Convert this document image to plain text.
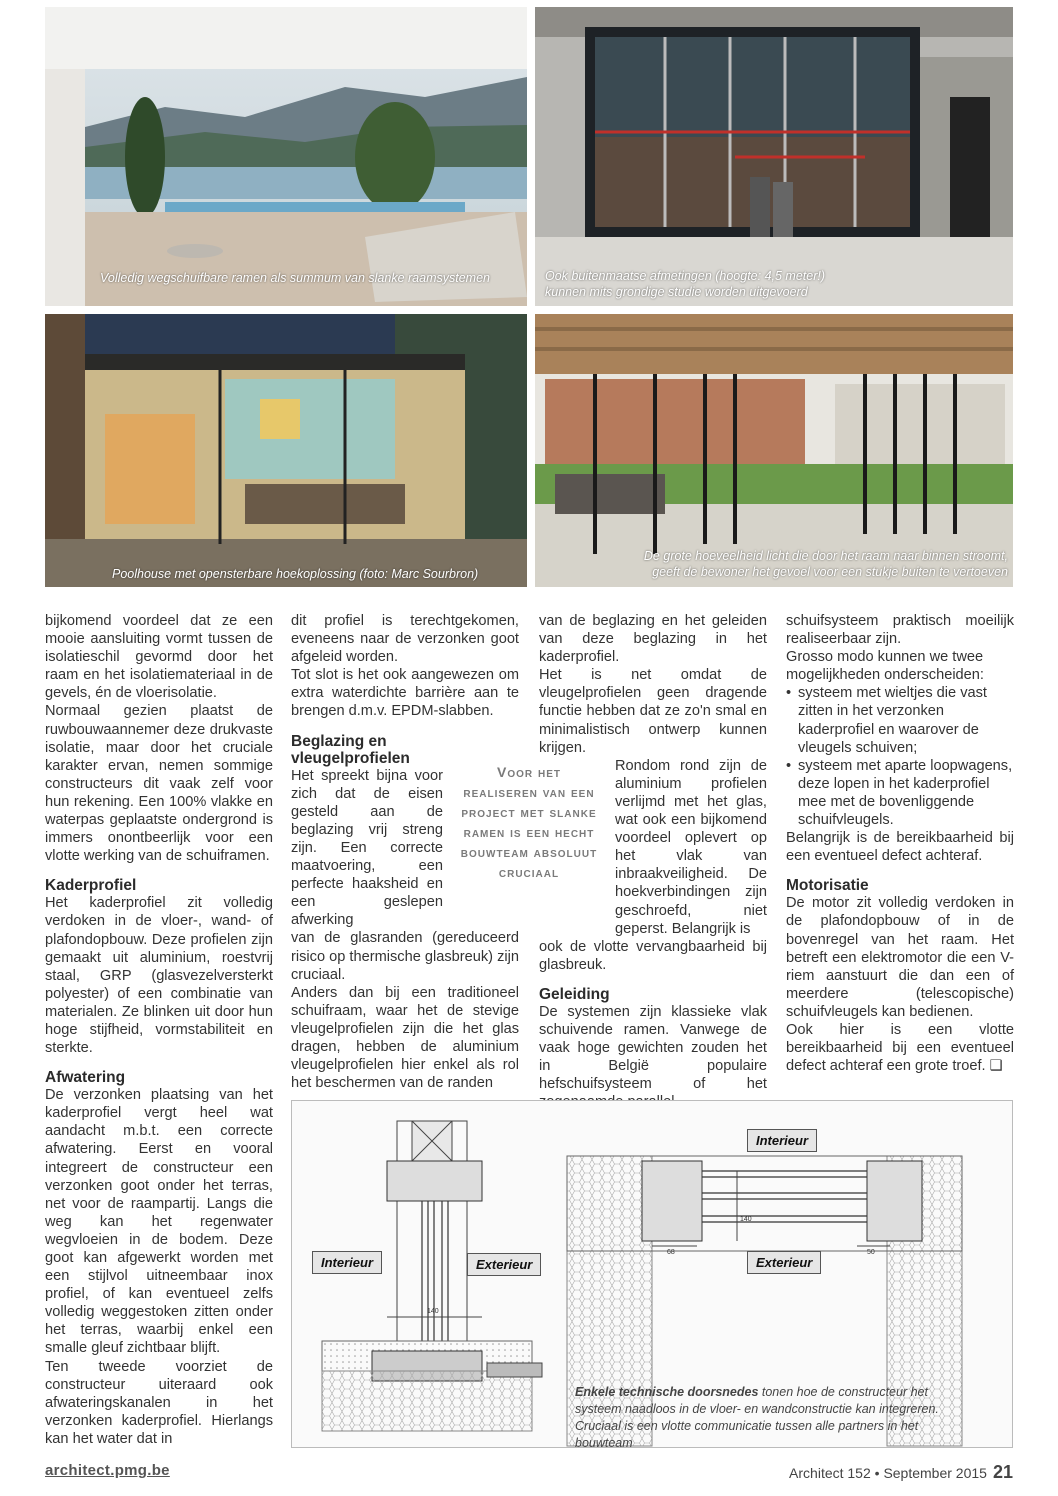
Volledig wegschuifbare ramen als summum van slanke raamsystemen	Ook buitenmaatse afmetingen (hoogte: 4,5 meter!)
kunnen mits grondige studie worden uitgevoerd
Poolhouse met opensterbare hoekoplossing (foto: Marc Sourbron)
De grote hoeveelheid licht die door het raam naar binnen stroomt,
geeft de bewoner het gevoel voor een stukje buiten te vertoeven

bijkomend voordeel dat ze een mooie aansluiting vormt tussen de isolatieschil gevormd door het raam en het isolatiemateriaal in de gevels, én de vloerisolatie.

Normaal gezien plaatst de ruwbouwaannemer deze drukvaste isolatie, maar door het cruciale karakter ervan, nemen sommige constructeurs dit vaak zelf voor hun rekening. Een 100% vlakke en waterpas geplaatste ondergrond is immers onontbeerlijk voor een vlotte werking van de schuiframen.

Kaderprofiel

Het kaderprofiel zit volledig verdoken in de vloer-, wand- of plafondopbouw. Deze profielen zijn gemaakt uit aluminium, roestvrij staal, GRP (glasvezelversterkt polyester) of een combinatie van materialen. Ze blinken uit door hun hoge stijfheid, vormstabiliteit en sterkte.

Afwatering

De verzonken plaatsing van het kaderprofiel vergt heel wat aandacht m.b.t. een correcte afwatering. Eerst en vooral integreert de constructeur een verzonken goot onder het terras, net voor de raampartij. Langs die weg kan het regenwater wegvloeien in de bodem. Deze goot kan afgewerkt worden met een stijlvol uitneembaar inox profiel, of kan eventueel zelfs volledig weggestoken zitten onder het terras, waarbij enkel een smalle gleuf zichtbaar blijft.

Ten tweede voorziet de constructeur uiteraard ook afwateringskanalen in het verzonken kaderprofiel. Hierlangs kan het water dat in

dit profiel is terechtgekomen, eveneens naar de verzonken goot afgeleid worden.

Tot slot is het ook aangewezen om extra waterdichte barrière aan te brengen d.m.v. EPDM-slabben.

Beglazing en vleugelprofielen

Het spreekt bijna voor zich dat de eisen gesteld aan de beglazing vrij streng zijn. Een correcte maatvoering, een perfecte haaksheid en een geslepen afwerking

van de glasranden (gereduceerd risico op thermische glasbreuk) zijn cruciaal.

Anders dan bij een traditioneel schuifraam, waar het de stevige vleugelprofielen zijn die het glas dragen, hebben de aluminium vleugelprofielen hier enkel als rol het beschermen van de randen

Voor het realiseren van een project met slanke ramen is een hecht bouwteam absoluut cruciaal

van de beglazing en het geleiden van deze beglazing in het kaderprofiel.

Het is net omdat de vleugelprofielen geen dragende functie hebben dat ze zo'n smal en minimalistisch ontwerp kunnen krijgen.

Rondom rond zijn de aluminium profielen verlijmd met het glas, wat ook een bijkomend voordeel oplevert op het vlak van inbraakveiligheid. De hoekverbindingen zijn geschroefd, niet geperst. Belangrijk is

ook de vlotte vervangbaarheid bij glasbreuk.

Geleiding

De systemen zijn klassieke vlak schuivende ramen. Vanwege de vaak hoge gewichten zouden het in België populaire hefschuifsysteem of het

schuifsysteem praktisch moeilijk realiseerbaar zijn.

Grosso modo kunnen we twee mogelijkheden onderscheiden:

• systeem met wieltjes die vast zitten in het verzonken kaderprofiel en waarover de vleugels schuiven;
• systeem met aparte loopwagens, deze lopen in het kaderprofiel mee met de bovenliggende schuifvleugels.

Belangrijk is de bereikbaarheid bij een eventueel defect achteraf.

Motorisatie

De motor zit volledig verdoken in de plafondopbouw of in de bovenregel van het raam. Het betreft een elektromotor die een V-riem aanstuurt die dan een of meerdere (telescopische) schuifvleugels kan bedienen.

Ook hier is een vlotte bereikbaarheid bij een eventueel defect achteraf een grote troef. ❑

140
140
68	50
Interieur	Exterieur
Interieur
Exterieur
Enkele technische doorsnedes tonen hoe de constructeur het systeem naadloos in de vloer- en wandconstructie kan integreren. Cruciaal is een vlotte communicatie tussen alle partners in het bouwteam
architect.pmg.be	Architect 152 • September 2015 21
